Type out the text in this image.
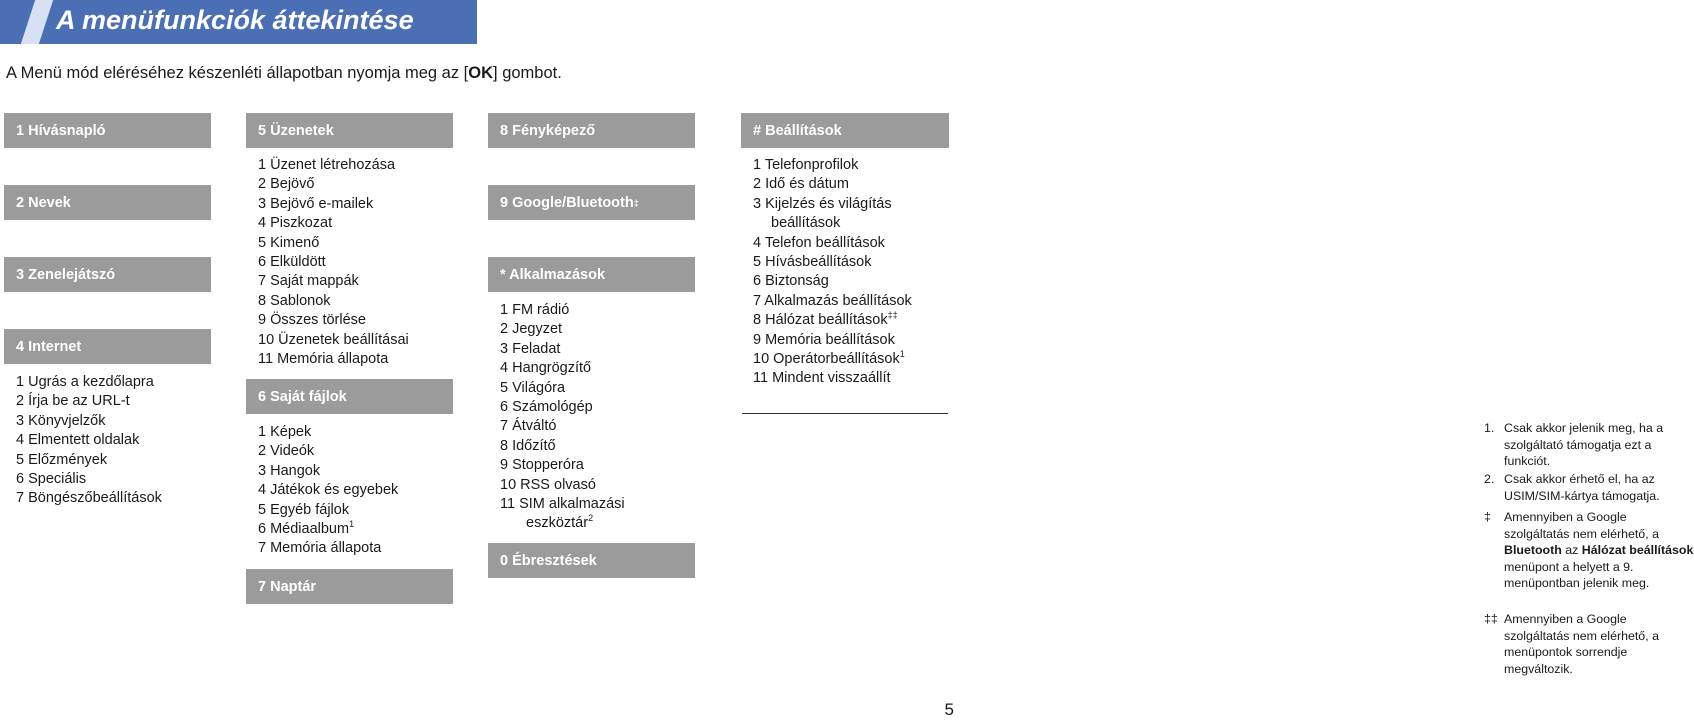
A menüfunkciók áttekintése
A Menü mód eléréséhez készenléti állapotban nyomja meg az [OK] gombot.
1 Hívásnapló
2 Nevek
3 Zenelejátszó
4 Internet
1 Ugrás a kezdőlapra
2 Írja be az URL-t
3 Könyvjelzők
4 Elmentett oldalak
5 Előzmények
6 Speciális
7 Böngészőbeállítások
5 Üzenetek
1 Üzenet létrehozása
2 Bejövő
3 Bejövő e-mailek
4 Piszkozat
5 Kimenő
6 Elküldött
7 Saját mappák
8 Sablonok
9 Összes törlése
10 Üzenetek beállításai
11 Memória állapota
6 Saját fájlok
1 Képek
2 Videók
3 Hangok
4 Játékok és egyebek
5 Egyéb fájlok
6 Médiaalbum$^1$
7 Memória állapota
7 Naptár
8 Fényképező
9 Google/Bluetooth ‡
* Alkalmazások
1 FM rádió
2 Jegyzet
3 Feladat
4 Hangrögzítő
5 Világóra
6 Számológép
7 Átváltó
8 Időzítő
9 Stopperóra
10 RSS olvasó
11 SIM alkalmazási
eszköztár$^2$
0 Ébresztések
# Beállítások
1 Telefonprofilok
2 Idő és dátum
3 Kijelzés és világítás
beállítások
4 Telefon beállítások
5 Hívásbeállítások
6 Biztonság
7 Alkalmazás beállítások
8 Hálózat beállítások‡‡
9 Memória beállítások
10 Operátorbeállítások$^1$
11 Mindent visszaállít
1. Csak akkor jelenik meg, ha a szolgáltató támogatja ezt a funkciót.
2. Csak akkor érhető el, ha az USIM/SIM-kártya támogatja.
‡ Amennyiben a Google szolgáltatás nem elérhető, a Bluetooth az Hálózat beállítások menüpont a helyett a 9. menüpontban jelenik meg.
‡‡ Amennyiben a Google szolgáltatás nem elérhető, a menüpontok sorrendje megváltozik.
5
